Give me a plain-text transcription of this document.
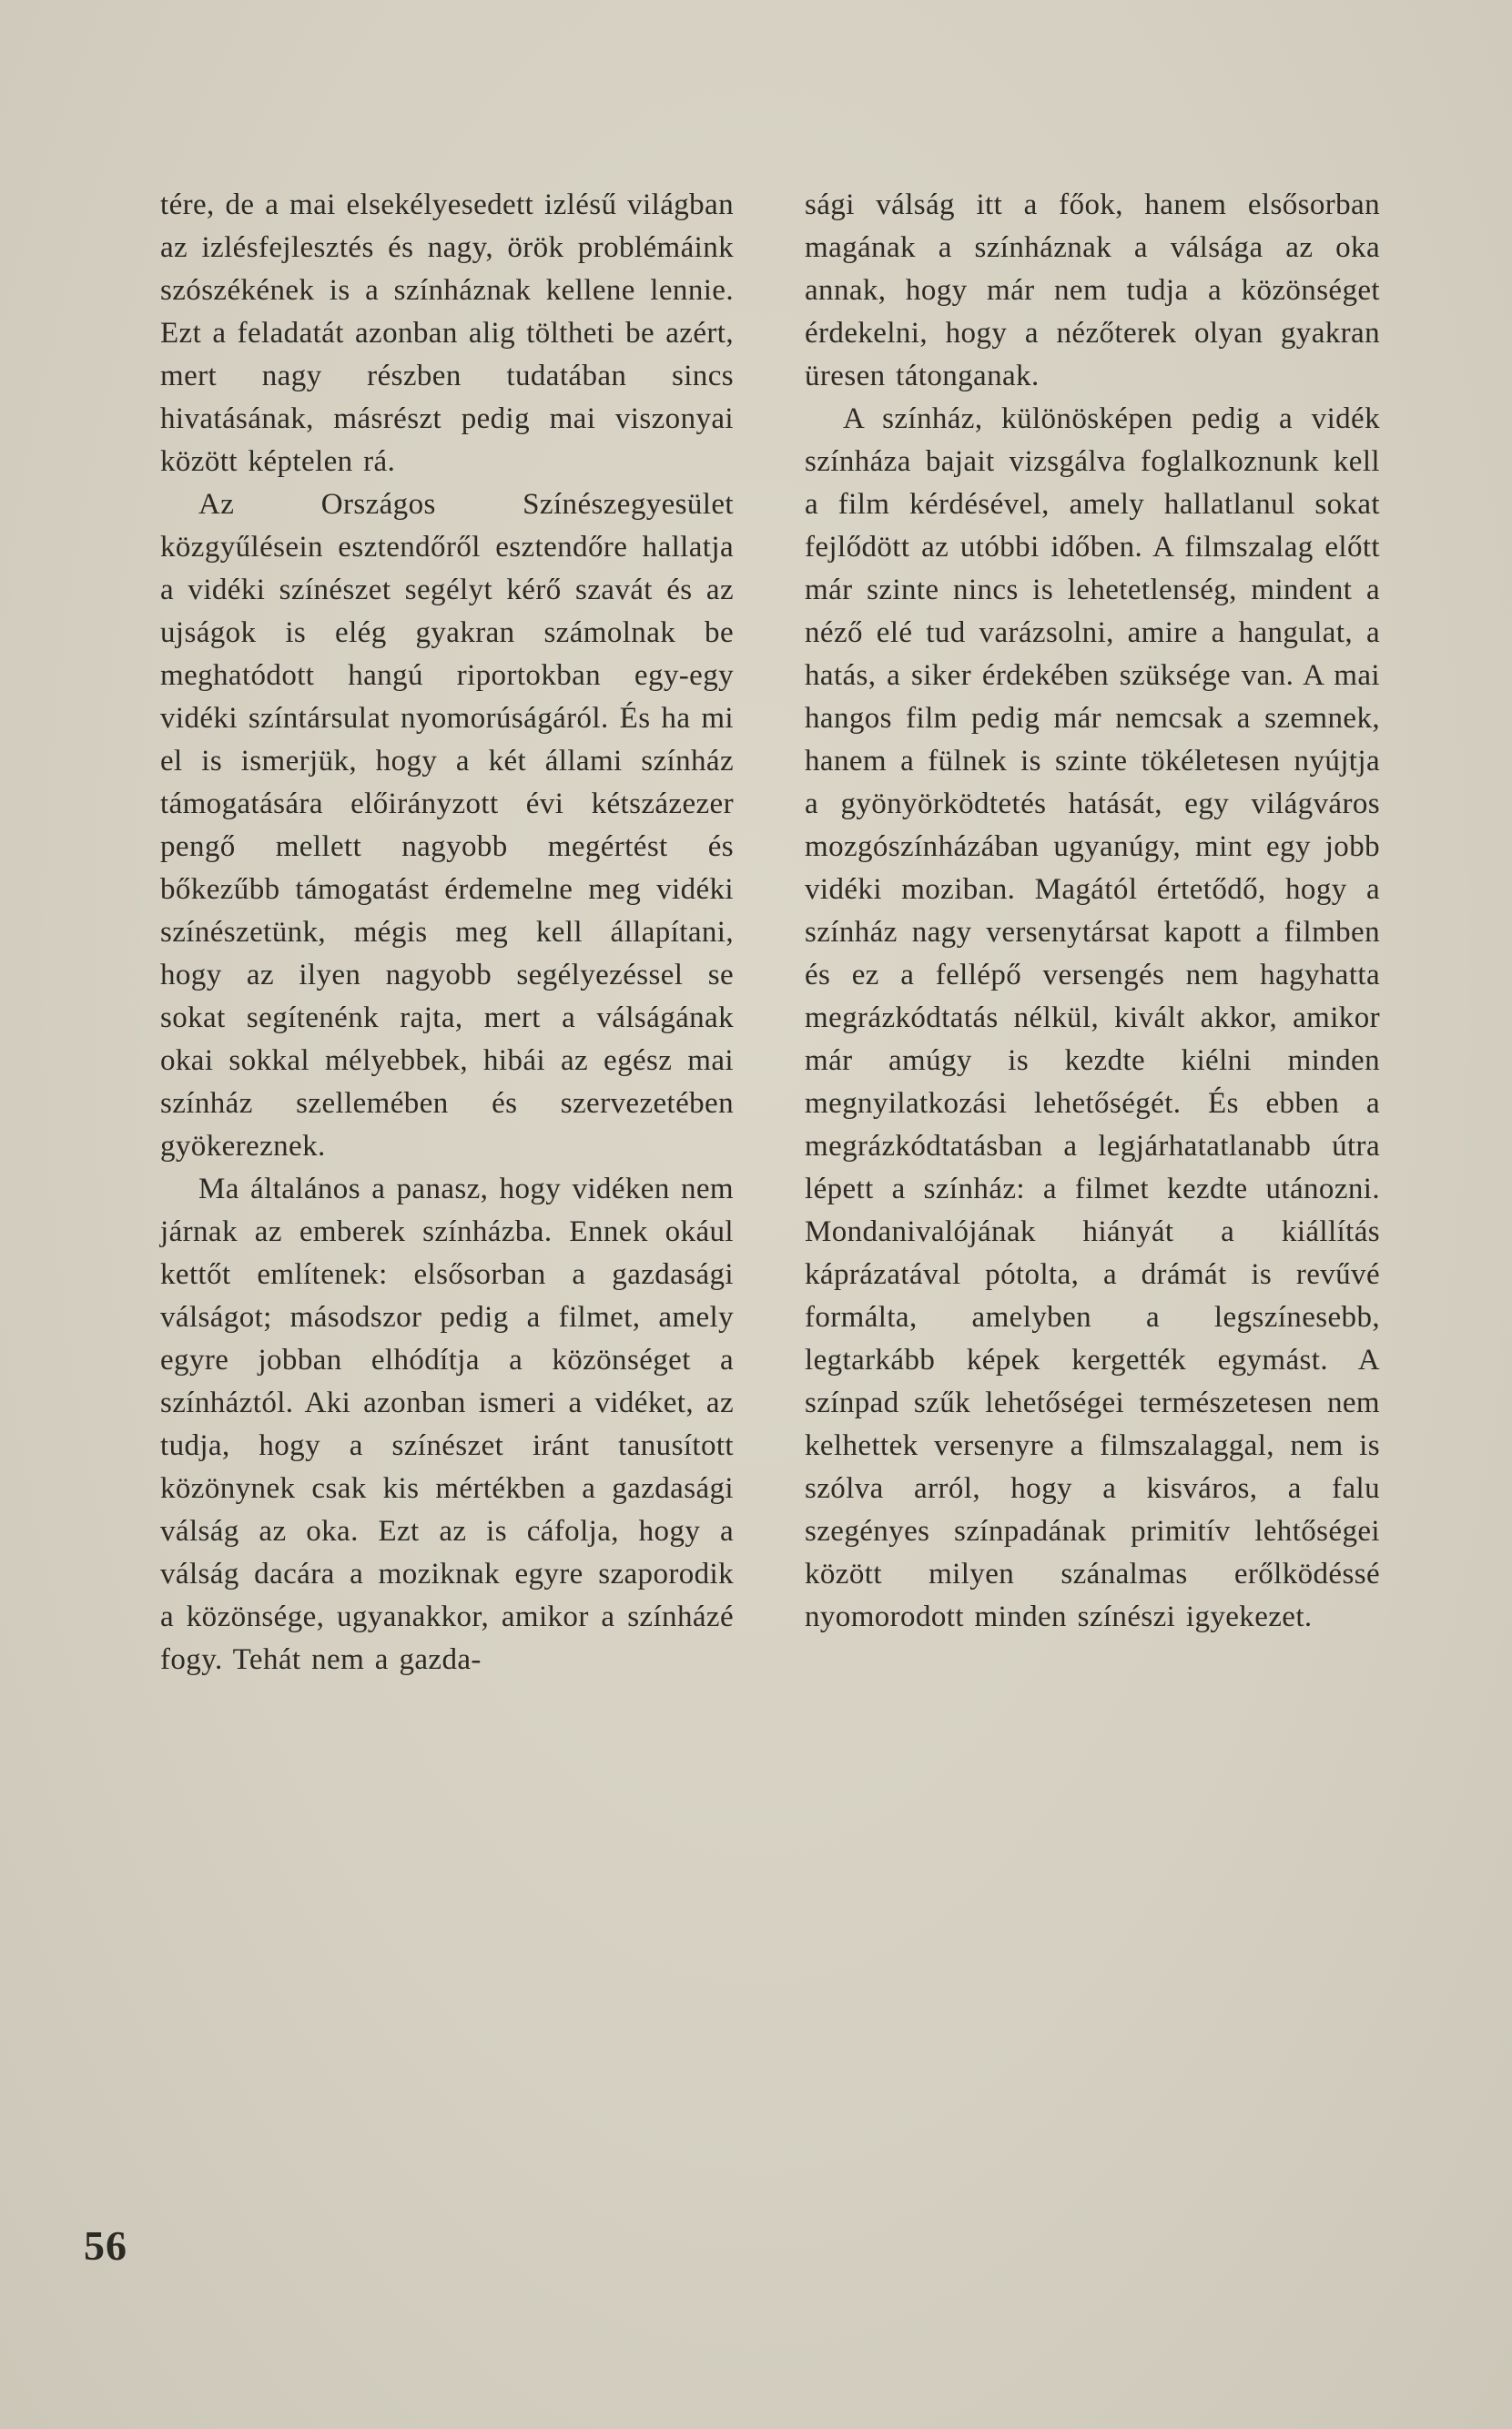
tére, de a mai elsekélyesedett izlésű világban az izlésfejlesztés és nagy, örök problémáink szószékének is a színháznak kellene lennie. Ezt a feladatát azonban alig töltheti be azért, mert nagy részben tudatában sincs hivatásának, másrészt pedig mai viszonyai között képtelen rá.

Az Országos Színészegyesület közgyűlésein esztendőről esztendőre hallatja a vidéki színészet segélyt kérő szavát és az ujságok is elég gyakran számolnak be meghatódott hangú riportokban egy-egy vidéki színtársulat nyomorúságáról. És ha mi el is ismerjük, hogy a két állami színház támogatására előirányzott évi kétszázezer pengő mellett nagyobb megértést és bőkezűbb támogatást érdemelne meg vidéki színészetünk, mégis meg kell állapítani, hogy az ilyen nagyobb segélyezéssel se sokat segítenénk rajta, mert a válságának okai sokkal mélyebbek, hibái az egész mai színház szellemében és szervezetében gyökereznek.

Ma általános a panasz, hogy vidéken nem járnak az emberek színházba. Ennek okául kettőt említenek: elsősorban a gazdasági válságot; másodszor pedig a filmet, amely egyre jobban elhódítja a közönséget a színháztól. Aki azonban ismeri a vidéket, az tudja, hogy a színészet iránt tanusított közönynek csak kis mértékben a gazdasági válság az oka. Ezt az is cáfolja, hogy a válság dacára a moziknak egyre szaporodik a közönsége, ugyanakkor, amikor a színházé fogy. Tehát nem a gazda-

sági válság itt a főok, hanem elsősorban magának a színháznak a válsága az oka annak, hogy már nem tudja a közönséget érdekelni, hogy a nézőterek olyan gyakran üresen tátonganak.

A színház, különösképen pedig a vidék színháza bajait vizsgálva foglalkoznunk kell a film kérdésével, amely hallatlanul sokat fejlődött az utóbbi időben. A filmszalag előtt már szinte nincs is lehetetlenség, mindent a néző elé tud varázsolni, amire a hangulat, a hatás, a siker érdekében szüksége van. A mai hangos film pedig már nemcsak a szemnek, hanem a fülnek is szinte tökéletesen nyújtja a gyönyörködtetés hatását, egy világváros mozgószínházában ugyanúgy, mint egy jobb vidéki moziban. Magától értetődő, hogy a színház nagy versenytársat kapott a filmben és ez a fellépő versengés nem hagyhatta megrázkódtatás nélkül, kivált akkor, amikor már amúgy is kezdte kiélni minden megnyilatkozási lehetőségét. És ebben a megrázkódtatásban a legjárhatatlanabb útra lépett a színház: a filmet kezdte utánozni. Mondanivalójának hiányát a kiállítás káprázatával pótolta, a drámát is revűvé formálta, amelyben a legszínesebb, legtarkább képek kergették egymást. A színpad szűk lehetőségei természetesen nem kelhettek versenyre a filmszalaggal, nem is szólva arról, hogy a kisváros, a falu szegényes színpadának primitív lehtőségei között milyen szánalmas erőlködéssé nyomorodott minden színészi igyekezet.

56
